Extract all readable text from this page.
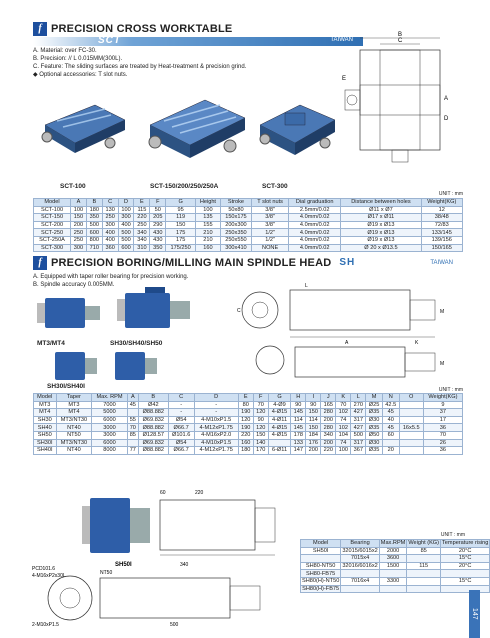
f PRECISION CROSS WORKTABLE
SCT	TAIWAN
A. Material: over FC-30.
B. Precision: // L 0.015MM(300L).
C. Feature: The sliding surfaces are treated by Heat-treatment & precision grind.
◆ Optional accessories: T slot nuts.
B
C
A
D
E
SCT-100	SCT-150/200/250/250A	SCT-300
UNIT : mm
Model	A	B	C	D	E	F	G	Height	Stroke	T slot nuts	Dial graduation	Distance between holes	Weight(KG)
SCT-100	100	180	130	100	115	50	95	100	50x80	3/8"	2.5mm/0.02	Ø11 x Ø7	12
SCT-150	150	350	250	300	220	205	119	135	150x175	3/8"	4.0mm/0.02	Ø17 x Ø11	38/48
SCT-200	200	500	300	400	250	290	150	155	200x300	3/8"	4.0mm/0.02	Ø19 x Ø13	72/83
SCT-250	250	600	400	500	340	430	175	210	250x350	1/2"	4.0mm/0.02	Ø19 x Ø13	133/145
SCT-250A	250	800	400	500	340	430	175	210	250x550	1/2"	4.0mm/0.02	Ø19 x Ø13	139/156
SCT-300	300	710	360	600	310	350	175/250	160	300x410	NONE	4.0mm/0.02	Ø 20 x Ø13.5	150/165
f PRECISION BORING/MILLING MAIN SPINDLE HEAD SH	TAIWAN
A. Equipped with taper roller bearing for precision working.
B. Spindle accuracy 0.005MM.
MT3/MT4	SH30/SH40/SH50
SH30I/SH40I
C
L
A	K
M
M
UNIT : mm
Model	Taper	Max. RPM	A	B	C	D	E	F	G	H	I	J	K	L	M	N	O	Weight(KG)
MT3	MT3	7000	45	Ø42	-	-	80	70	4-Ø9	90	90	165	70	270	Ø25	42.5		9
MT4	MT4	5000		Ø88.882	-	-	190	120	4-Ø15	145	150	280	102	427	Ø35	45		37
SH30	MT3/NT30	6000	55	Ø69.832	Ø54	4-M10xP1.5	120	90	4-Ø11	114	114	200	74	317	Ø30	40		17
SH40	NT40	3000	70	Ø88.882	Ø66.7	4-M12xP1.75	190	120	4-Ø15	145	150	280	102	427	Ø35	45	16x5.5	36
SH50	NT50	3000	85	Ø128.57	Ø101.6	4-M16xP2.0	220	150	4-Ø15	178	184	340	104	500	Ø50	60		70
SH30I	MT3/NT30	6000		Ø69.832	Ø54	4-M10xP1.5	160	140		133	176	200	74	317	Ø30			26
SH40I	NT40	8000	77	Ø88.882	Ø66.7	4-M12xP1.75	180	170	6-Ø11	147	200	220	100	367	Ø35	20		36
SH50I
60	220
340
500
PCD101.6
4-M16xP2x30L	NT50
2-M10xP1.5
UNIT : mm
Model	Bearing	Max.RPM	Weight (KG)	Temperature rising
SH50I	32015/6015x2	2000	85	20°C
	7015x4	3600		15°C
SH80-NT50	32016/6016x2	1500	115	20°C
SH80-FB75				
SH80(H)-NT50	7016x4	3300		15°C
SH80(H)-FB75				
147
